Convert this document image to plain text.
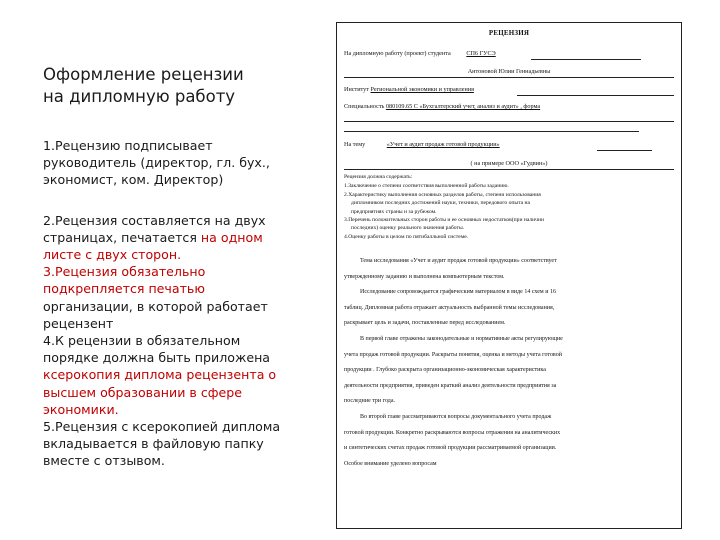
Оформление рецензии
на дипломную работу
1.Рецензию подписывает
руководитель (директор, гл. бух.,
экономист, ком. Директор)
2.Рецензия составляется на двух
страницах, печатается на одном
листе с двух сторон.
3.Рецензия обязательно
подкрепляется печатью
организации, в которой работает
рецензент
4.К рецензии в обязательном
порядке должна быть приложена
ксерокопия диплома рецензента о
высшем образовании в сфере
экономики.
5.Рецензия с ксерокопией диплома
вкладывается в файловую папку
вместе с отзывом.
РЕЦЕНЗИЯ
На дипломную работу (проект) студента	СП6 ГУСЭ
Антоновой Юлии Геннадьевны
Институт Региональной экономики и управления
Специальность 080109.65 С «Бухгалтерский учет, анализ и аудит» , форма
На тему	«Учет и аудит продаж готовой продукции»
( на примере ООО «Гудвин»)
Рецензия должна содержать:
1.Заключение о степени соответствия выполненной работы заданию.
2.Характеристику выполнения основных разделов работы, степени использования
дипломником последних достижений науки, техники, передового опыта на
предприятиях страны и за рубежом.
3.Перечень положительных сторон работы и ее основных недостатков(при наличии
последних) оценку реального значения работы.
4.Оценку работы в целом по пятибалльной системе.
Тема исследования «Учет и аудит продаж готовой продукции» соответствует
утвержденному заданию и выполнена компьютерным текстом.
Исследование сопровождается графическим материалом в виде 14 схем и 16
таблиц. Дипломная работа отражает актуальность выбранной темы исследования,
раскрывает цель и задачи, поставленные перед исследованием.
В первой главе отражены законодательные и нормативные акты регулирующие
учета продаж готовой продукции. Раскрыты понятия, оценка и методы учета готовой
продукции . Глубоко раскрыта организационно-экономическая характеристика
деятельности предприятия, приведен краткий анализ деятельности предприятия за
последние три года.
Во второй главе рассматриваются вопросы документального учета продаж
готовой продукции. Конкретно раскрываются вопросы отражения на аналитических
и синтетических счетах продаж готовой продукции рассматриваемой организации.
Особое внимание уделено вопросам
